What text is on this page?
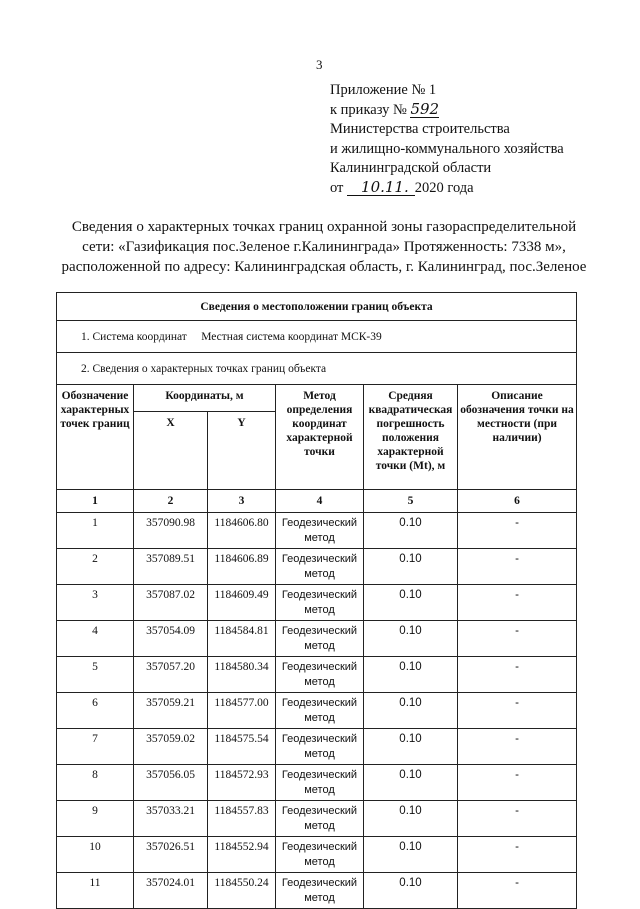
3
Приложение № 1
к приказу № 592
Министерства строительства
и жилищно-коммунального хозяйства
Калининградской области
от 10.11. 2020 года
Сведения о характерных точках границ охранной зоны газораспределительной
сети: «Газификация пос.Зеленое г.Калининграда» Протяженность: 7338 м»,
расположенной по адресу: Калининградская область, г. Калининград, пос.Зеленое
Сведения о местоположении границ объекта					
1. Система координат     Местная система координат МСК-39					
2. Сведения о характерных точках границ объекта					
Обозначение характерных точек границ	Координаты, м		Метод определения координат характерной точки	Средняя квадратическая погрешность положения характерной точки (Mt), м	Описание обозначения точки на местности (при наличии)
	X	Y			
1	2	3	4	5	6
1	357090.98	1184606.80	Геодезический метод	0.10	-
2	357089.51	1184606.89	Геодезический метод	0.10	-
3	357087.02	1184609.49	Геодезический метод	0.10	-
4	357054.09	1184584.81	Геодезический метод	0.10	-
5	357057.20	1184580.34	Геодезический метод	0.10	-
6	357059.21	1184577.00	Геодезический метод	0.10	-
7	357059.02	1184575.54	Геодезический метод	0.10	-
8	357056.05	1184572.93	Геодезический метод	0.10	-
9	357033.21	1184557.83	Геодезический метод	0.10	-
10	357026.51	1184552.94	Геодезический метод	0.10	-
11	357024.01	1184550.24	Геодезический метод	0.10	-
